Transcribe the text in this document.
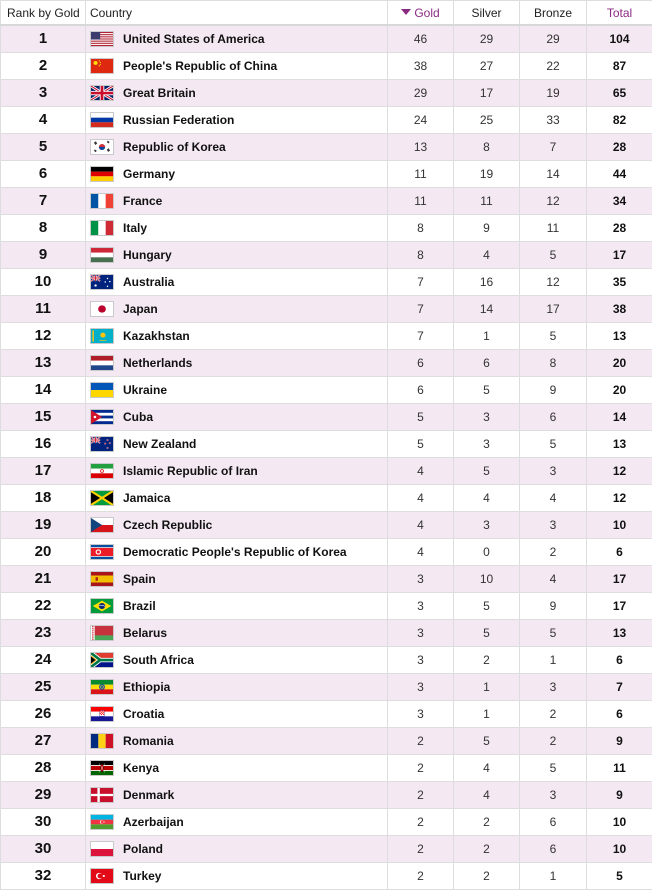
Rank by Gold	Country	Gold	Silver	Bronze	Total
1	United States of America	46	29	29	104
2	People's Republic of China	38	27	22	87
3	Great Britain	29	17	19	65
4	Russian Federation	24	25	33	82
5	Republic of Korea	13	8	7	28
6	Germany	11	19	14	44
7	France	11	11	12	34
8	Italy	8	9	11	28
9	Hungary	8	4	5	17
10	Australia	7	16	12	35
11	Japan	7	14	17	38
12	Kazakhstan	7	1	5	13
13	Netherlands	6	6	8	20
14	Ukraine	6	5	9	20
15	Cuba	5	3	6	14
16	New Zealand	5	3	5	13
17	Islamic Republic of Iran	4	5	3	12
18	Jamaica	4	4	4	12
19	Czech Republic	4	3	3	10
20	Democratic People's Republic of Korea	4	0	2	6
21	Spain	3	10	4	17
22	Brazil	3	5	9	17
23	Belarus	3	5	5	13
24	South Africa	3	2	1	6
25	Ethiopia	3	1	3	7
26	Croatia	3	1	2	6
27	Romania	2	5	2	9
28	Kenya	2	4	5	11
29	Denmark	2	4	3	9
30	Azerbaijan	2	2	6	10
30	Poland	2	2	6	10
32	Turkey	2	2	1	5
